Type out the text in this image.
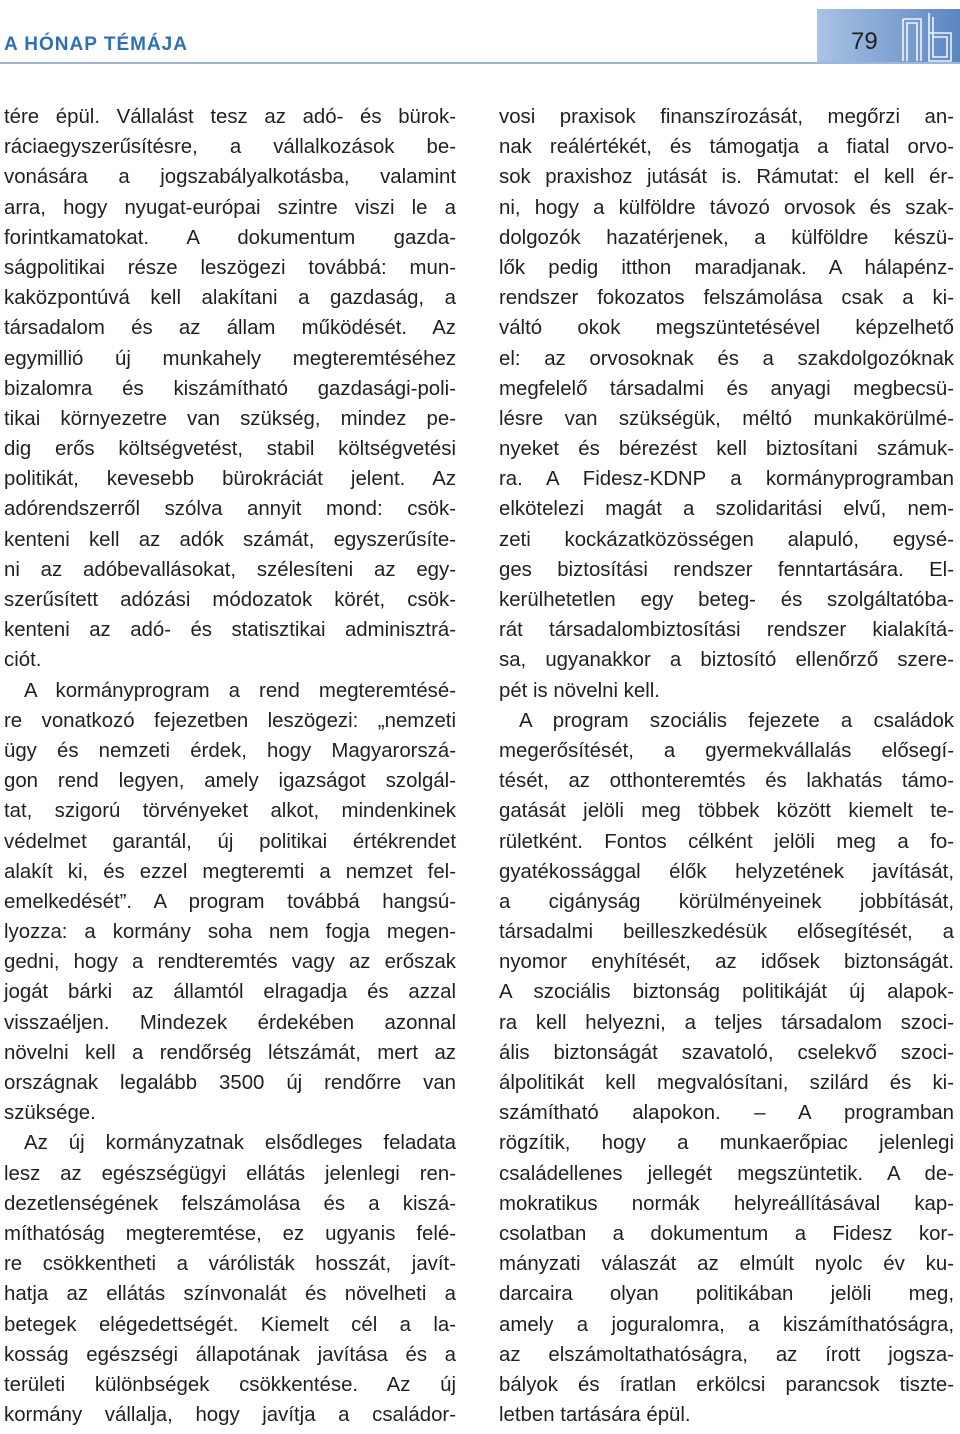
A HÓNAP TÉMÁJA	79
tére épül. Vállalást tesz az adó- és bürok-
ráciaegyszerűsítésre, a vállalkozások be-
vonására a jogszabályalkotásba, valamint
arra, hogy nyugat-európai szintre viszi le a
forintkamatokat. A dokumentum gazda-
ságpolitikai része leszögezi továbbá: mun-
kaközpontúvá kell alakítani a gazdaság, a
társadalom és az állam működését. Az
egymillió új munkahely megteremtéséhez
bizalomra és kiszámítható gazdasági-poli-
tikai környezetre van szükség, mindez pe-
dig erős költségvetést, stabil költségvetési
politikát, kevesebb bürokráciát jelent. Az
adórendszerről szólva annyit mond: csök-
kenteni kell az adók számát, egyszerűsíte-
ni az adóbevallásokat, szélesíteni az egy-
szerűsített adózási módozatok körét, csök-
kenteni az adó- és statisztikai adminisztrá-
ciót.
A kormányprogram a rend megteremtésé-
re vonatkozó fejezetben leszögezi: „nemzeti
ügy és nemzeti érdek, hogy Magyarorszá-
gon rend legyen, amely igazságot szolgál-
tat, szigorú törvényeket alkot, mindenkinek
védelmet garantál, új politikai értékrendet
alakít ki, és ezzel megteremti a nemzet fel-
emelkedését”. A program továbbá hangsú-
lyozza: a kormány soha nem fogja megen-
gedni, hogy a rendteremtés vagy az erőszak
jogát bárki az államtól elragadja és azzal
visszaéljen. Mindezek érdekében azonnal
növelni kell a rendőrség létszámát, mert az
országnak legalább 3500 új rendőrre van
szüksége.
Az új kormányzatnak elsődleges feladata
lesz az egészségügyi ellátás jelenlegi ren-
dezetlenségének felszámolása és a kiszá-
míthatóság megteremtése, ez ugyanis felé-
re csökkentheti a várólisták hosszát, javít-
hatja az ellátás színvonalát és növelheti a
betegek elégedettségét. Kiemelt cél a la-
kosság egészségi állapotának javítása és a
területi különbségek csökkentése. Az új
kormány vállalja, hogy javítja a családor-
vosi praxisok finanszírozását, megőrzi an-
nak reálértékét, és támogatja a fiatal orvo-
sok praxishoz jutását is. Rámutat: el kell ér-
ni, hogy a külföldre távozó orvosok és szak-
dolgozók hazatérjenek, a külföldre készü-
lők pedig itthon maradjanak. A hálapénz-
rendszer fokozatos felszámolása csak a ki-
váltó okok megszüntetésével képzelhető
el: az orvosoknak és a szakdolgozóknak
megfelelő társadalmi és anyagi megbecsü-
lésre van szükségük, méltó munkakörülmé-
nyeket és bérezést kell biztosítani számuk-
ra. A Fidesz-KDNP a kormányprogramban
elkötelezi magát a szolidaritási elvű, nem-
zeti kockázatközösségen alapuló, egysé-
ges biztosítási rendszer fenntartására. El-
kerülhetetlen egy beteg- és szolgáltatóba-
rát társadalombiztosítási rendszer kialakítá-
sa, ugyanakkor a biztosító ellenőrző szere-
pét is növelni kell.
A program szociális fejezete a családok
megerősítését, a gyermekvállalás elősegí-
tését, az otthonteremtés és lakhatás támo-
gatását jelöli meg többek között kiemelt te-
rületként. Fontos célként jelöli meg a fo-
gyatékossággal élők helyzetének javítását,
a cigányság körülményeinek jobbítását,
társadalmi beilleszkedésük elősegítését, a
nyomor enyhítését, az idősek biztonságát.
A szociális biztonság politikáját új alapok-
ra kell helyezni, a teljes társadalom szoci-
ális biztonságát szavatoló, cselekvő szoci-
álpolitikát kell megvalósítani, szilárd és ki-
számítható alapokon. – A programban
rögzítik, hogy a munkaerőpiac jelenlegi
családellenes jellegét megszüntetik. A de-
mokratikus normák helyreállításával kap-
csolatban a dokumentum a Fidesz kor-
mányzati válaszát az elmúlt nyolc év ku-
darcaira olyan politikában jelöli meg,
amely a joguralomra, a kiszámíthatóságra,
az elszámoltathatóságra, az írott jogsza-
bályok és íratlan erkölcsi parancsok tiszte-
letben tartására épül.
